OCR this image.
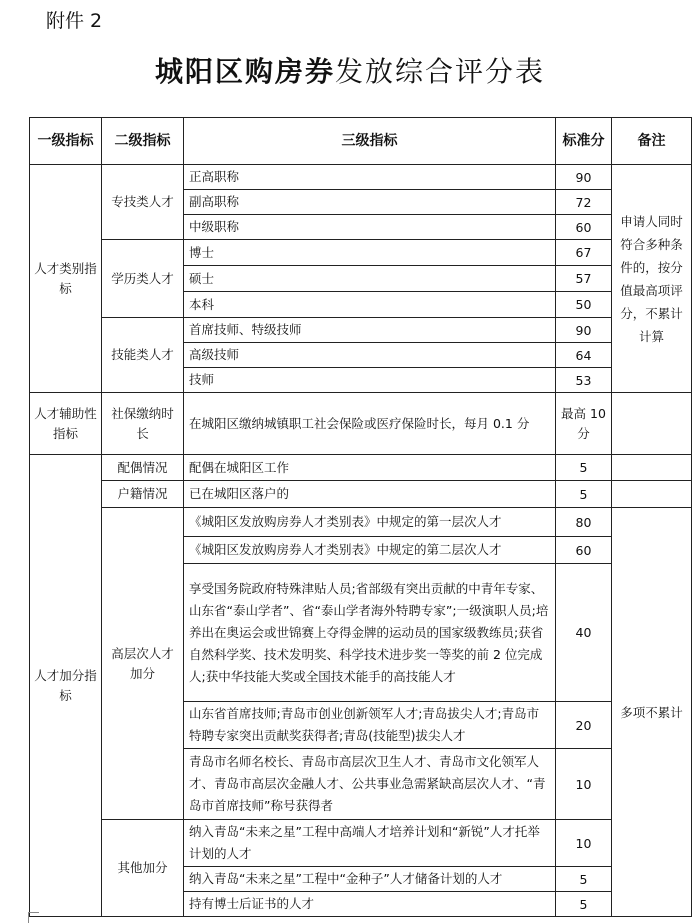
附件 2
城阳区购房券发放综合评分表
一级指标	二级指标	三级指标	标准分	备注
人才类别指标	专技类人才	正高职称	90	申请人同时符合多种条件的，按分值最高项评分，不累计计算
		副高职称	72	
		中级职称	60	
	学历类人才	博士	67	
		硕士	57	
		本科	50	
	技能类人才	首席技师、特级技师	90	
		高级技师	64	
		技师	53	
人才辅助性指标	社保缴纳时长	在城阳区缴纳城镇职工社会保险或医疗保险时长，每月 0.1 分	最高 10 分	
人才加分指标	配偶情况	配偶在城阳区工作	5	
	户籍情况	已在城阳区落户的	5	
	高层次人才加分	《城阳区发放购房券人才类别表》中规定的第一层次人才	80	多项不累计
		《城阳区发放购房券人才类别表》中规定的第二层次人才	60	
		享受国务院政府特殊津贴人员;省部级有突出贡献的中青年专家、山东省“泰山学者”、省“泰山学者海外特聘专家”;一级演职人员;培养出在奥运会或世锦赛上夺得金牌的运动员的国家级教练员;获省自然科学奖、技术发明奖、科学技术进步奖一等奖的前 2 位完成人;获中华技能大奖或全国技术能手的高技能人才	40	
		山东省首席技师;青岛市创业创新领军人才;青岛拔尖人才;青岛市特聘专家突出贡献奖获得者;青岛(技能型)拔尖人才	20	
		青岛市名师名校长、青岛市高层次卫生人才、青岛市文化领军人才、青岛市高层次金融人才、公共事业急需紧缺高层次人才、“青岛市首席技师”称号获得者	10	
	其他加分	纳入青岛“未来之星”工程中高端人才培养计划和“新锐”人才托举计划的人才	10	
		纳入青岛“未来之星”工程中“金种子”人才储备计划的人才	5	
		持有博士后证书的人才	5	
